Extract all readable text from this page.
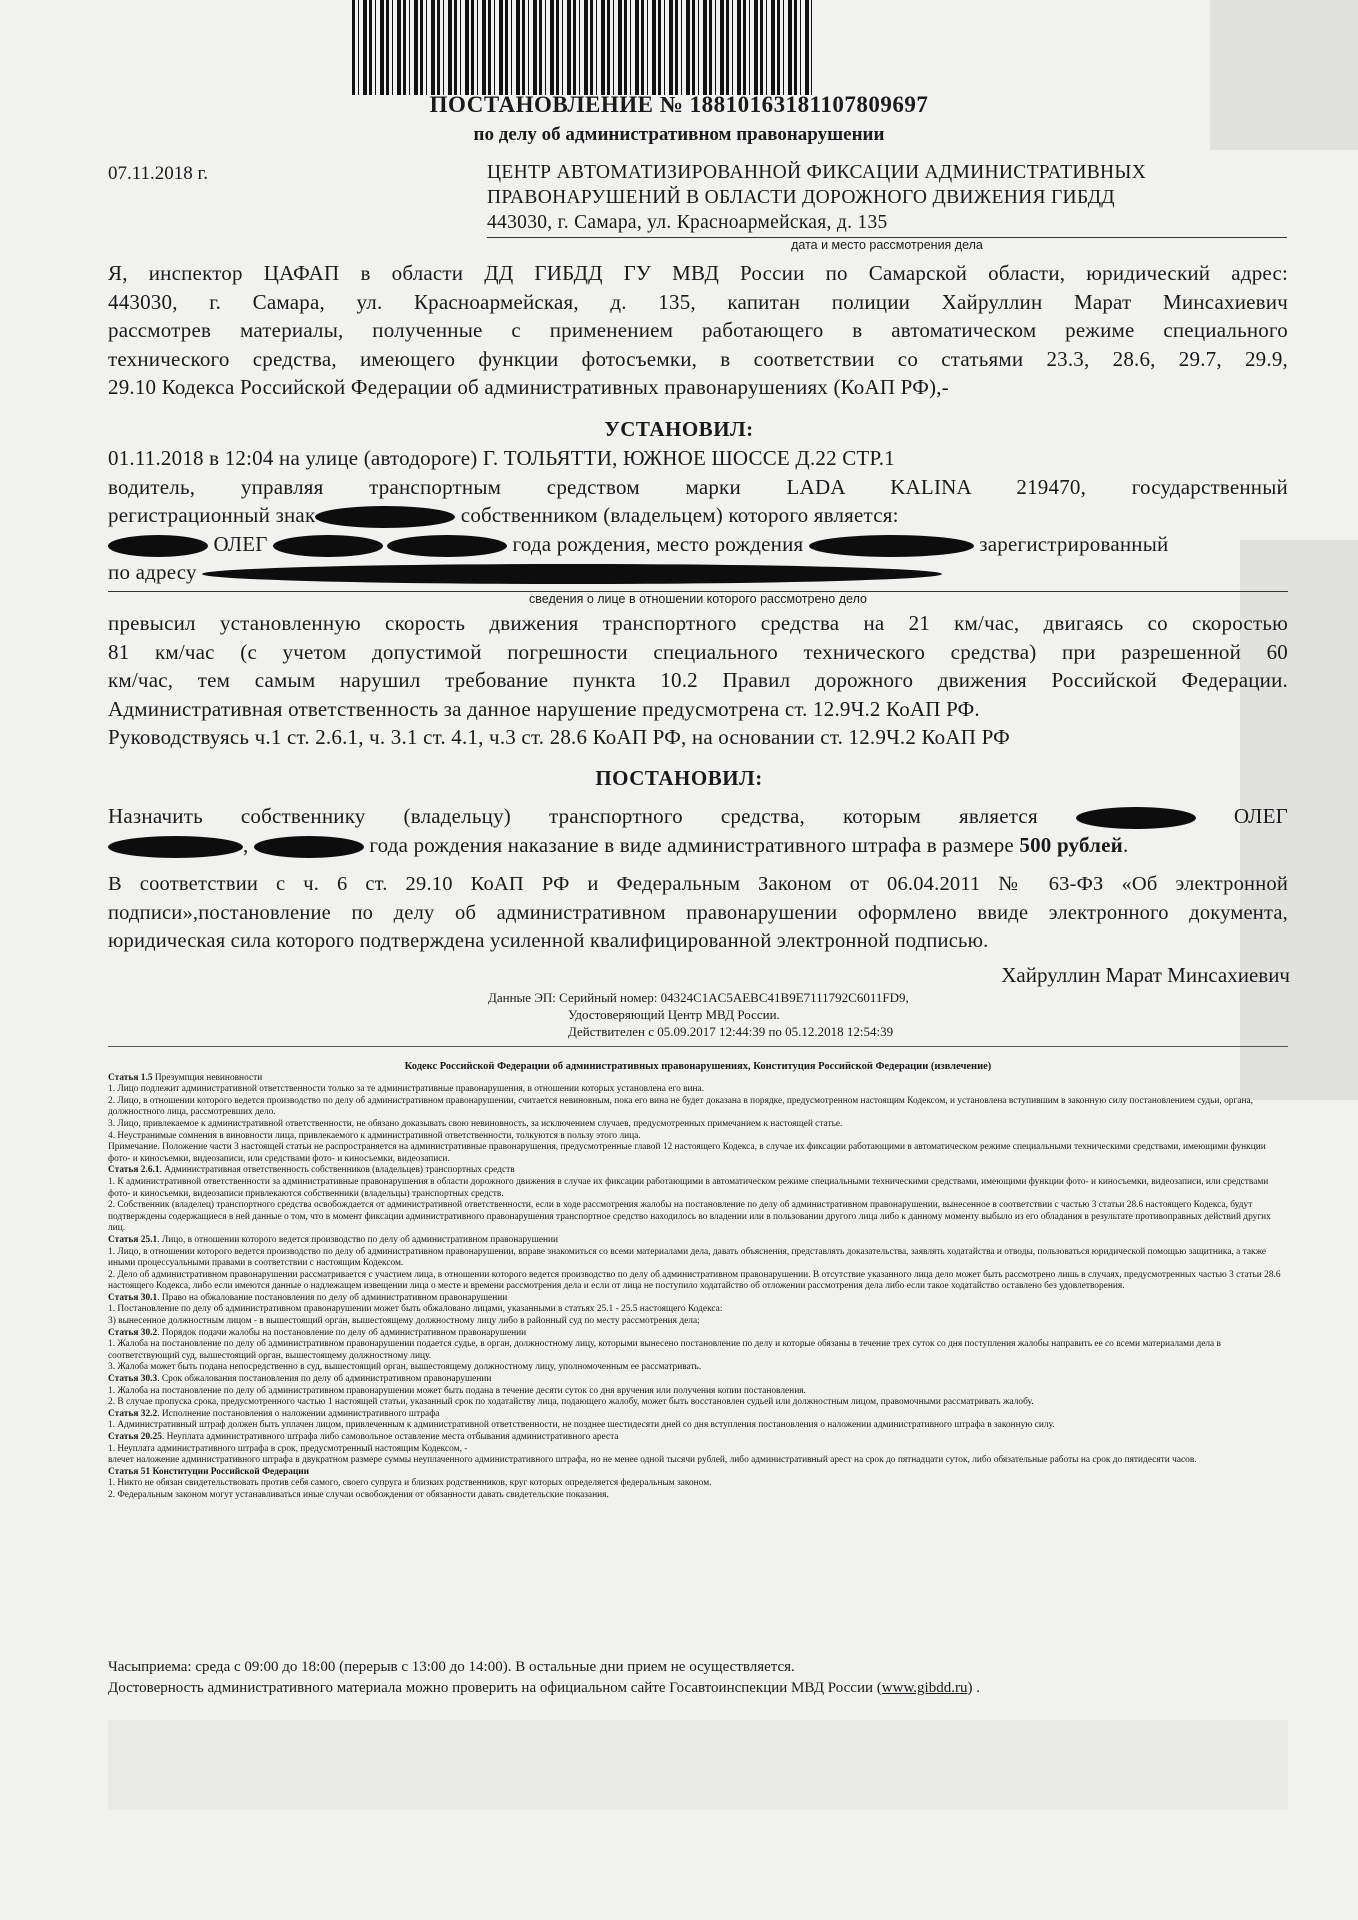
ПОСТАНОВЛЕНИЕ № 18810163181107809697
по делу об административном правонарушении
07.11.2018 г.	ЦЕНТР АВТОМАТИЗИРОВАННОЙ ФИКСАЦИИ АДМИНИСТРАТИВНЫХ
ПРАВОНАРУШЕНИЙ В ОБЛАСТИ ДОРОЖНОГО ДВИЖЕНИЯ ГИБДД
443030, г. Самара, ул. Красноармейская, д. 135
дата и место рассмотрения дела
Я, инспектор ЦАФАП в области ДД ГИБДД ГУ МВД России по Самарской области, юридический адрес:
443030, г. Самара, ул. Красноармейская, д. 135, капитан полиции Хайруллин Марат Минсахиевич
рассмотрев материалы, полученные с применением работающего в автоматическом режиме специального
технического средства, имеющего функции фотосъемки, в соответствии со статьями 23.3, 28.6, 29.7, 29.9,
29.10 Кодекса Российской Федерации об административных правонарушениях (КоАП РФ),-
УСТАНОВИЛ:
01.11.2018 в 12:04 на улице (автодороге) Г. ТОЛЬЯТТИ, ЮЖНОЕ ШОССЕ Д.22 СТР.1
водитель, управляя транспортным средством марки LADA KALINA 219470, государственный
регистрационный знак	собственником (владельцем) которого является:
ОЛЕГ	года рождения, место рождения	зарегистрированный
по адресу
сведения о лице в отношении которого рассмотрено дело
превысил установленную скорость движения транспортного средства на 21 км/час, двигаясь со скоростью
81 км/час (с учетом допустимой погрешности специального технического средства) при разрешенной 60
км/час, тем самым нарушил требование пункта 10.2 Правил дорожного движения Российской Федерации.
Административная ответственность за данное нарушение предусмотрена ст. 12.9Ч.2 КоАП РФ.
Руководствуясь ч.1 ст. 2.6.1, ч. 3.1 ст. 4.1, ч.3 ст. 28.6 КоАП РФ, на основании ст. 12.9Ч.2 КоАП РФ
ПОСТАНОВИЛ:
Назначить собственнику (владельцу) транспортного средства, которым является	ОЛЕГ
,	года рождения наказание в виде административного штрафа в размере 500 рублей.
В соответствии с ч. 6 ст. 29.10 КоАП РФ и Федеральным Законом от 06.04.2011 № 63-ФЗ «Об электронной
подписи»,постановление по делу об административном правонарушении оформлено ввиде электронного документа,
юридическая сила которого подтверждена усиленной квалифицированной электронной подписью.
Хайруллин Марат Минсахиевич
Данные ЭП: Серийный номер: 04324C1AC5AEBC41B9E7111792C6011FD9,
Удостоверяющий Центр МВД России.
Действителен с 05.09.2017 12:44:39 по 05.12.2018 12:54:39
Кодекс Российской Федерации об административных правонарушениях, Конституция Российской Федерации (извлечение)

Статья 1.5 Презумпция невиновности

1. Лицо подлежит административной ответственности только за те административные правонарушения, в отношении которых установлена его вина.

2. Лицо, в отношении которого ведется производство по делу об административном правонарушении, считается невиновным, пока его вина не будет доказана в порядке, предусмотренном настоящим Кодексом, и установлена вступившим в законную силу постановлением судьи, органа, должностного лица, рассмотревших дело.

3. Лицо, привлекаемое к административной ответственности, не обязано доказывать свою невиновность, за исключением случаев, предусмотренных примечанием к настоящей статье.

4. Неустранимые сомнения в виновности лица, привлекаемого к административной ответственности, толкуются в пользу этого лица.

Примечание. Положение части 3 настоящей статьи не распространяется на административные правонарушения, предусмотренные главой 12 настоящего Кодекса, в случае их фиксации работающими в автоматическом режиме специальными техническими средствами, имеющими функции фото- и киносъемки, видеозаписи, или средствами фото- и киносъемки, видеозаписи.

Статья 2.6.1. Административная ответственность собственников (владельцев) транспортных средств

1. К административной ответственности за административные правонарушения в области дорожного движения в случае их фиксации работающими в автоматическом режиме специальными техническими средствами, имеющими функции фото- и киносъемки, видеозаписи, или средствами фото- и киносъемки, видеозаписи привлекаются собственники (владельцы) транспортных средств.

2. Собственник (владелец) транспортного средства освобождается от административной ответственности, если в ходе рассмотрения жалобы на постановление по делу об административном правонарушении, вынесенное в соответствии с частью 3 статьи 28.6 настоящего Кодекса, будут подтверждены содержащиеся в ней данные о том, что в момент фиксации административного правонарушения транспортное средство находилось во владении или в пользовании другого лица либо к данному моменту выбыло из его обладания в результате противоправных действий других лиц.

Статья 25.1. Лицо, в отношении которого ведется производство по делу об административном правонарушении

1. Лицо, в отношении которого ведется производство по делу об административном правонарушении, вправе знакомиться со всеми материалами дела, давать объяснения, представлять доказательства, заявлять ходатайства и отводы, пользоваться юридической помощью защитника, а также иными процессуальными правами в соответствии с настоящим Кодексом.

2. Дело об административном правонарушении рассматривается с участием лица, в отношении которого ведется производство по делу об административном правонарушении. В отсутствие указанного лица дело может быть рассмотрено лишь в случаях, предусмотренных частью 3 статьи 28.6 настоящего Кодекса, либо если имеются данные о надлежащем извещении лица о месте и времени рассмотрения дела и если от лица не поступило ходатайство об отложении рассмотрения дела либо если такое ходатайство оставлено без удовлетворения.

Статья 30.1. Право на обжалование постановления по делу об административном правонарушении

1. Постановление по делу об административном правонарушении может быть обжаловано лицами, указанными в статьях 25.1 - 25.5 настоящего Кодекса:

3) вынесенное должностным лицом - в вышестоящий орган, вышестоящему должностному лицу либо в районный суд по месту рассмотрения дела;

Статья 30.2. Порядок подачи жалобы на постановление по делу об административном правонарушении

1. Жалоба на постановление по делу об административном правонарушении подается судье, в орган, должностному лицу, которыми вынесено постановление по делу и которые обязаны в течение трех суток со дня поступления жалобы направить ее со всеми материалами дела в соответствующий суд, вышестоящий орган, вышестоящему должностному лицу.

3. Жалоба может быть подана непосредственно в суд, вышестоящий орган, вышестоящему должностному лицу, уполномоченным ее рассматривать.

Статья 30.3. Срок обжалования постановления по делу об административном правонарушении

1. Жалоба на постановление по делу об административном правонарушении может быть подана в течение десяти суток со дня вручения или получения копии постановления.

2. В случае пропуска срока, предусмотренного частью 1 настоящей статьи, указанный срок по ходатайству лица, подающего жалобу, может быть восстановлен судьей или должностным лицом, правомочными рассматривать жалобу.

Статья 32.2. Исполнение постановления о наложении административного штрафа

1. Административный штраф должен быть уплачен лицом, привлеченным к административной ответственности, не позднее шестидесяти дней со дня вступления постановления о наложении административного штрафа в законную силу.

Статья 20.25. Неуплата административного штрафа либо самовольное оставление места отбывания административного ареста

1. Неуплата административного штрафа в срок, предусмотренный настоящим Кодексом, -

влечет наложение административного штрафа в двукратном размере суммы неуплаченного административного штрафа, но не менее одной тысячи рублей, либо административный арест на срок до пятнадцати суток, либо обязательные работы на срок до пятидесяти часов.

Статья 51 Конституции Российской Федерации

1. Никто не обязан свидетельствовать против себя самого, своего супруга и близких родственников, круг которых определяется федеральным законом.

2. Федеральным законом могут устанавливаться иные случаи освобождения от обязанности давать свидетельские показания.

Часыприема: среда с 09:00 до 18:00 (перерыв с 13:00 до 14:00). В остальные дни прием не осуществляется.
Достоверность административного материала можно проверить на официальном сайте Госавтоинспекции МВД России (www.gibdd.ru) .
